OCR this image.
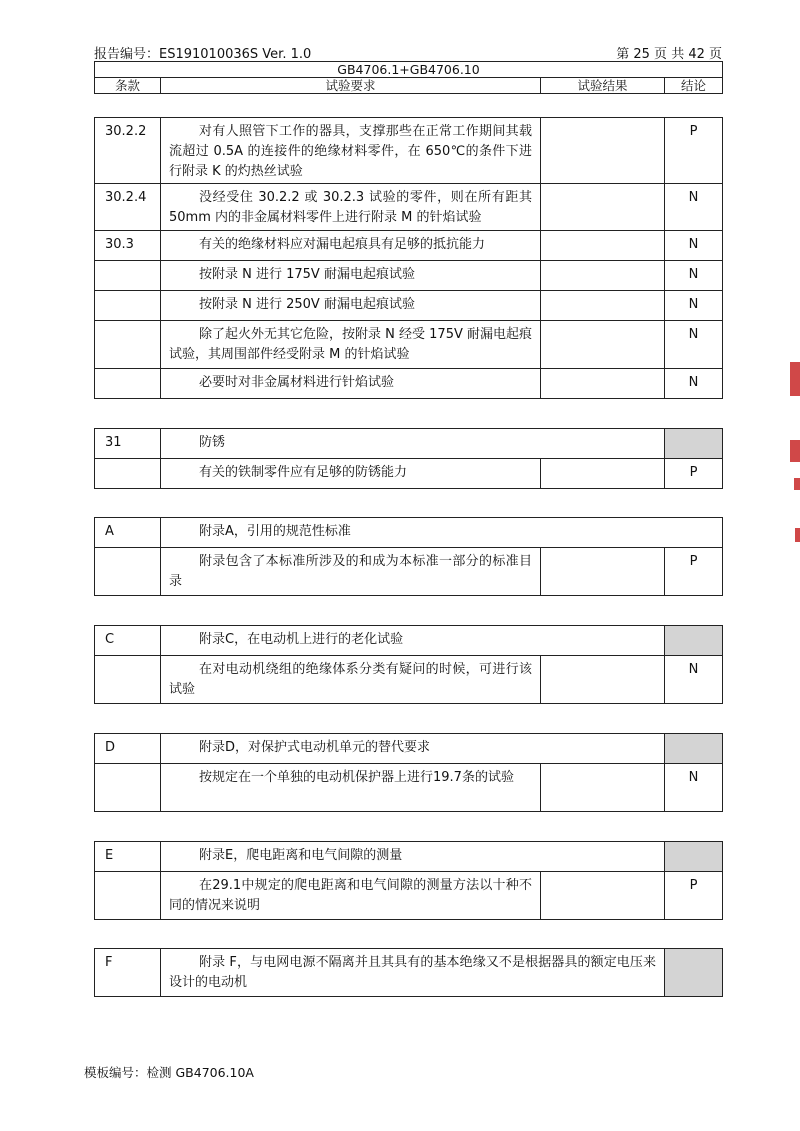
报告编号：ES191010036S Ver. 1.0	第 25 页 共 42 页
GB4706.1+GB4706.10
条款	试验要求	试验结果	结论
30.2.2	对有人照管下工作的器具，支撑那些在正常工作期间其载流超过 0.5A 的连接件的绝缘材料零件，在 650℃的条件下进行附录 K 的灼热丝试验		P
30.2.4	没经受住 30.2.2 或 30.2.3 试验的零件，则在所有距其 50mm 内的非金属材料零件上进行附录 M 的针焰试验		N
30.3	有关的绝缘材料应对漏电起痕具有足够的抵抗能力		N
	按附录 N 进行 175V 耐漏电起痕试验		N
	按附录 N 进行 250V 耐漏电起痕试验		N
	除了起火外无其它危险，按附录 N 经受 175V 耐漏电起痕试验，其周围部件经受附录 M 的针焰试验		N
	必要时对非金属材料进行针焰试验		N
31	防锈		
	有关的铁制零件应有足够的防锈能力		P
A	附录A，引用的规范性标准		
	附录包含了本标准所涉及的和成为本标准一部分的标准目录		P
C	附录C，在电动机上进行的老化试验		
	在对电动机绕组的绝缘体系分类有疑问的时候，可进行该试验		N
D	附录D，对保护式电动机单元的替代要求		
	按规定在一个单独的电动机保护器上进行19.7条的试验		N
E	附录E，爬电距离和电气间隙的测量		
	在29.1中规定的爬电距离和电气间隙的测量方法以十种不同的情况来说明		P
F	附录 F，与电网电源不隔离并且其具有的基本绝缘又不是根据器具的额定电压来设计的电动机	
模板编号：检测 GB4706.10A
